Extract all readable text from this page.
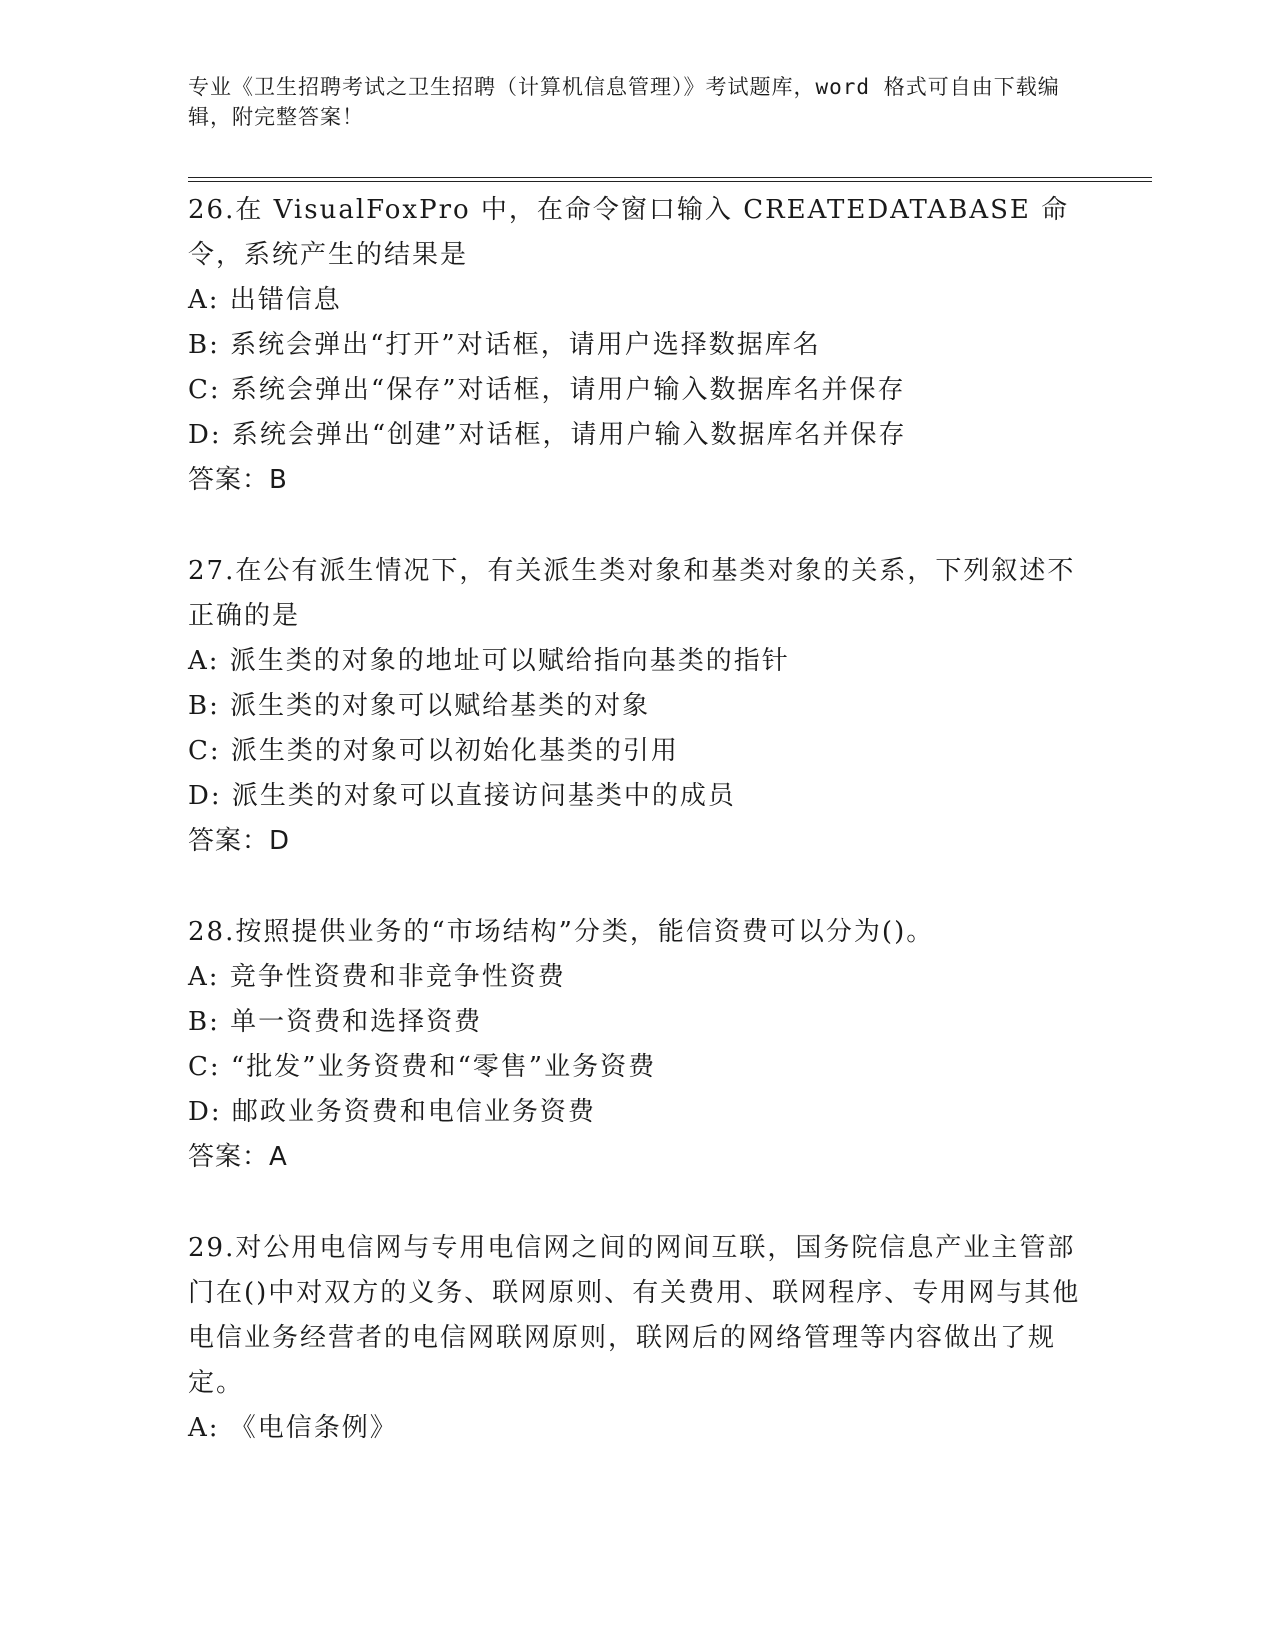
专业《卫生招聘考试之卫生招聘（计算机信息管理）》考试题库，word 格式可自由下载编辑，附完整答案！
26.在 VisualFoxPro 中，在命令窗口输入 CREATEDATABASE 命令，系统产生的结果是
A: 出错信息
B: 系统会弹出“打开”对话框，请用户选择数据库名
C: 系统会弹出“保存”对话框，请用户输入数据库名并保存
D: 系统会弹出“创建”对话框，请用户输入数据库名并保存
答案：B
27.在公有派生情况下，有关派生类对象和基类对象的关系，下列叙述不正确的是
A: 派生类的对象的地址可以赋给指向基类的指针
B: 派生类的对象可以赋给基类的对象
C: 派生类的对象可以初始化基类的引用
D: 派生类的对象可以直接访问基类中的成员
答案：D
28.按照提供业务的“市场结构”分类，能信资费可以分为()。
A: 竞争性资费和非竞争性资费
B: 单一资费和选择资费
C: “批发”业务资费和“零售”业务资费
D: 邮政业务资费和电信业务资费
答案：A
29.对公用电信网与专用电信网之间的网间互联，国务院信息产业主管部门在()中对双方的义务、联网原则、有关费用、联网程序、专用网与其他电信业务经营者的电信网联网原则，联网后的网络管理等内容做出了规定。
A: 《电信条例》
